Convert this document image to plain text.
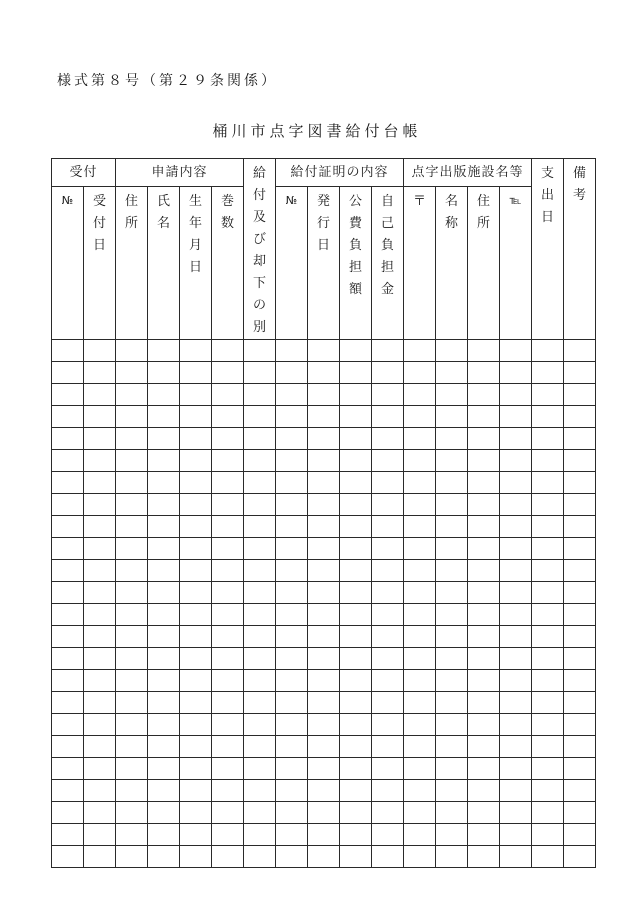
様式第８号（第２９条関係）
桶川市点字図書給付台帳
受付		申請内容				給付及び却下の別	給付証明の内容				点字出版施設名等				支出日	備考
№	受付日	住所	氏名	生年月日	巻数		№	発行日	公費負担額	自己負担金	〒	名称	住所	℡		
